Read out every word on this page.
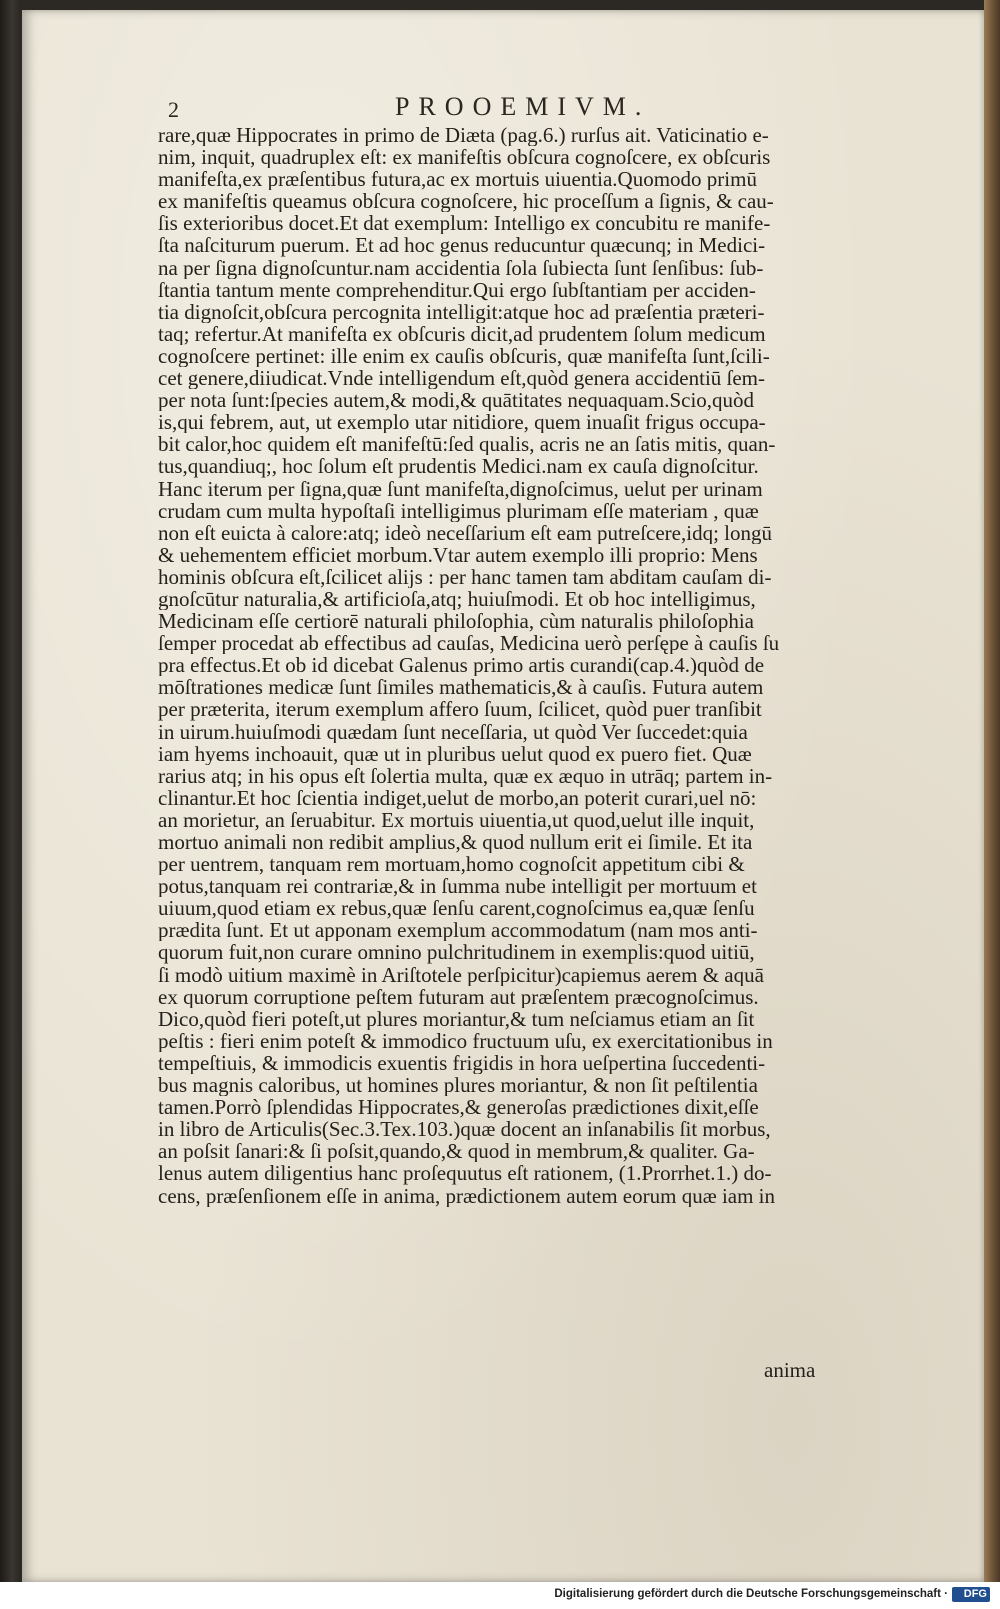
2	PROOEMIVM.
rare,quæ Hippocrates in primo de Diæta (pag.6.) rurſus ait. Vaticinatio e-
nim, inquit, quadruplex eſt: ex manifeſtis obſcura cognoſcere, ex obſcuris
manifeſta,ex præſentibus futura,ac ex mortuis uiuentia.Quomodo primū
ex manifeſtis queamus obſcura cognoſcere, hic proceſſum a ſignis, & cau-
ſis exterioribus docet.Et dat exemplum: Intelligo ex concubitu re manife-
ſta naſciturum puerum. Et ad hoc genus reducuntur quæcunq; in Medici-
na per ſigna dignoſcuntur.nam accidentia ſola ſubiecta ſunt ſenſibus: ſub-
ſtantia tantum mente comprehenditur.Qui ergo ſubſtantiam per acciden-
tia dignoſcit,obſcura percognita intelligit:atque hoc ad præſentia præteri-
taq; refertur.At manifeſta ex obſcuris dicit,ad prudentem ſolum medicum
cognoſcere pertinet: ille enim ex cauſis obſcuris, quæ manifeſta ſunt,ſcili-
cet genere,diiudicat.Vnde intelligendum eſt,quòd genera accidentiū ſem-
per nota ſunt:ſpecies autem,& modi,& quātitates nequaquam.Scio,quòd
is,qui febrem, aut, ut exemplo utar nitidiore, quem inuaſit frigus occupa-
bit calor,hoc quidem eſt manifeſtū:ſed qualis, acris ne an ſatis mitis, quan-
tus,quandiuq;, hoc ſolum eſt prudentis Medici.nam ex cauſa dignoſcitur.
Hanc iterum per ſigna,quæ ſunt manifeſta,dignoſcimus, uelut per urinam
crudam cum multa hypoſtaſi intelligimus plurimam eſſe materiam , quæ
non eſt euicta à calore:atq; ideò neceſſarium eſt eam putreſcere,idq; longū
& uehementem efficiet morbum.Vtar autem exemplo illi proprio: Mens
hominis obſcura eſt,ſcilicet alijs : per hanc tamen tam abditam cauſam di-
gnoſcūtur naturalia,& artificioſa,atq; huiuſmodi. Et ob hoc intelligimus,
Medicinam eſſe certiorē naturali philoſophia, cùm naturalis philoſophia
ſemper procedat ab effectibus ad cauſas, Medicina uerò perſępe à cauſis ſu
pra effectus.Et ob id dicebat Galenus primo artis curandi(cap.4.)quòd de
mōſtrationes medicæ ſunt ſimiles mathematicis,& à cauſis. Futura autem
per præterita, iterum exemplum affero ſuum, ſcilicet, quòd puer tranſibit
in uirum.huiuſmodi quædam ſunt neceſſaria, ut quòd Ver ſuccedet:quia
iam hyems inchoauit, quæ ut in pluribus uelut quod ex puero fiet. Quæ
rarius atq; in his opus eſt ſolertia multa, quæ ex æquo in utrāq; partem in-
clinantur.Et hoc ſcientia indiget,uelut de morbo,an poterit curari,uel nō:
an morietur, an ſeruabitur. Ex mortuis uiuentia,ut quod,uelut ille inquit,
mortuo animali non redibit amplius,& quod nullum erit ei ſimile. Et ita
per uentrem, tanquam rem mortuam,homo cognoſcit appetitum cibi &
potus,tanquam rei contrariæ,& in ſumma nube intelligit per mortuum et
uiuum,quod etiam ex rebus,quæ ſenſu carent,cognoſcimus ea,quæ ſenſu
prædita ſunt. Et ut apponam exemplum accommodatum (nam mos anti-
quorum fuit,non curare omnino pulchritudinem in exemplis:quod uitiū,
ſi modò uitium maximè in Ariſtotele perſpicitur)capiemus aerem & aquā
ex quorum corruptione peſtem futuram aut præſentem præcognoſcimus.
Dico,quòd fieri poteſt,ut plures moriantur,& tum neſciamus etiam an ſit
peſtis : fieri enim poteſt & immodico fructuum uſu, ex exercitationibus in
tempeſtiuis, & immodicis exuentis frigidis in hora ueſpertina ſuccedenti-
bus magnis caloribus, ut homines plures moriantur, & non ſit peſtilentia
tamen.Porrò ſplendidas Hippocrates,& generoſas prædictiones dixit,eſſe
in libro de Articulis(Sec.3.Tex.103.)quæ docent an inſanabilis ſit morbus,
an poſsit ſanari:& ſi poſsit,quando,& quod in membrum,& qualiter. Ga-
lenus autem diligentius hanc proſequutus eſt rationem, (1.Prorrhet.1.) do-
cens, præſenſionem eſſe in anima, prædictionem autem eorum quæ iam in
anima
Digitalisierung gefördert durch die Deutsche Forschungsgemeinschaft · DFG
